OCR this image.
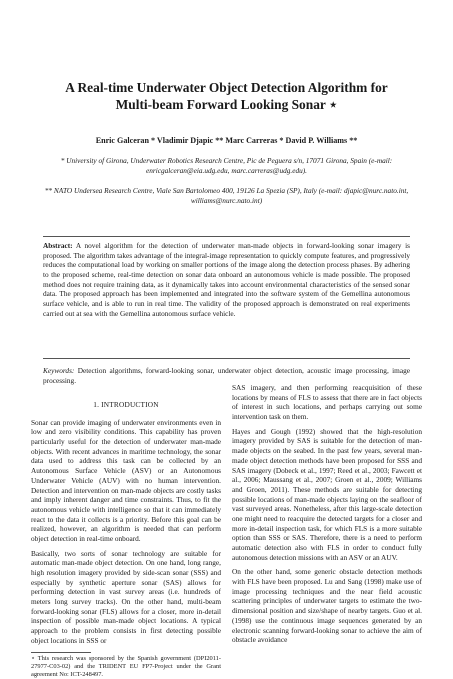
A Real-time Underwater Object Detection Algorithm for Multi-beam Forward Looking Sonar ⋆
Enric Galceran * Vladimir Djapic ** Marc Carreras * David P. Williams **

* University of Girona, Underwater Robotics Research Centre, Pic de Peguera s/n, 17071 Girona, Spain (e-mail: enricgalceran@eia.udg.edu, marc.carreras@udg.edu).

** NATO Undersea Research Centre, Viale San Bartolomeo 400, 19126 La Spezia (SP), Italy (e-mail: djapic@nurc.nato.int, williams@nurc.nato.int)

Abstract: A novel algorithm for the detection of underwater man-made objects in forward-looking sonar imagery is proposed. The algorithm takes advantage of the integral-image representation to quickly compute features, and progressively reduces the computational load by working on smaller portions of the image along the detection process phases. By adhering to the proposed scheme, real-time detection on sonar data onboard an autonomous vehicle is made possible. The proposed method does not require training data, as it dynamically takes into account environmental characteristics of the sensed sonar data. The proposed approach has been implemented and integrated into the software system of the Gemellina autonomous surface vehicle, and is able to run in real time. The validity of the proposed approach is demonstrated on real experiments carried out at sea with the Gemellina autonomous surface vehicle.

Keywords: Detection algorithms, forward-looking sonar, underwater object detection, acoustic image processing, image processing.

1. INTRODUCTION

Sonar can provide imaging of underwater environments even in low and zero visibility conditions. This capability has proven particularly useful for the detection of underwater man-made objects. With recent advances in maritime technology, the sonar data used to address this task can be collected by an Autonomous Surface Vehicle (ASV) or an Autonomous Underwater Vehicle (AUV) with no human intervention. Detection and intervention on man-made objects are costly tasks and imply inherent danger and time constraints. Thus, to fit the autonomous vehicle with intelligence so that it can immediately react to the data it collects is a priority. Before this goal can be realized, however, an algorithm is needed that can perform object detection in real-time onboard.

Basically, two sorts of sonar technology are suitable for automatic man-made object detection. On one hand, long range, high resolution imagery provided by side-scan sonar (SSS) and especially by synthetic aperture sonar (SAS) allows for performing detection in vast survey areas (i.e. hundreds of meters long survey tracks). On the other hand, multi-beam forward-looking sonar (FLS) allows for a closer, more in-detail inspection of possible man-made object locations. A typical approach to the problem consists in first detecting possible object locations in SSS or

⋆ This research was sponsored by the Spanish government (DPI2011-27977-C03-02) and the TRIDENT EU FP7-Project under the Grant agreement No: ICT-248497.

SAS imagery, and then performing reacquisition of these locations by means of FLS to assess that there are in fact objects of interest in such locations, and perhaps carrying out some intervention task on them.

Hayes and Gough (1992) showed that the high-resolution imagery provided by SAS is suitable for the detection of man-made objects on the seabed. In the past few years, several man-made object detection methods have been proposed for SSS and SAS imagery (Dobeck et al., 1997; Reed et al., 2003; Fawcett et al., 2006; Maussang et al., 2007; Groen et al., 2009; Williams and Groen, 2011). These methods are suitable for detecting possible locations of man-made objects laying on the seafloor of vast surveyed areas. Nonetheless, after this large-scale detection one might need to reacquire the detected targets for a closer and more in-detail inspection task, for which FLS is a more suitable option than SSS or SAS. Therefore, there is a need to perform automatic detection also with FLS in order to conduct fully autonomous detection missions with an ASV or an AUV.

On the other hand, some generic obstacle detection methods with FLS have been proposed. Lu and Sang (1998) make use of image processing techniques and the near field acoustic scattering principles of underwater targets to estimate the two-dimensional position and size/shape of nearby targets. Guo et al. (1998) use the continuous image sequences generated by an electronic scanning forward-looking sonar to achieve the aim of obstacle avoidance
